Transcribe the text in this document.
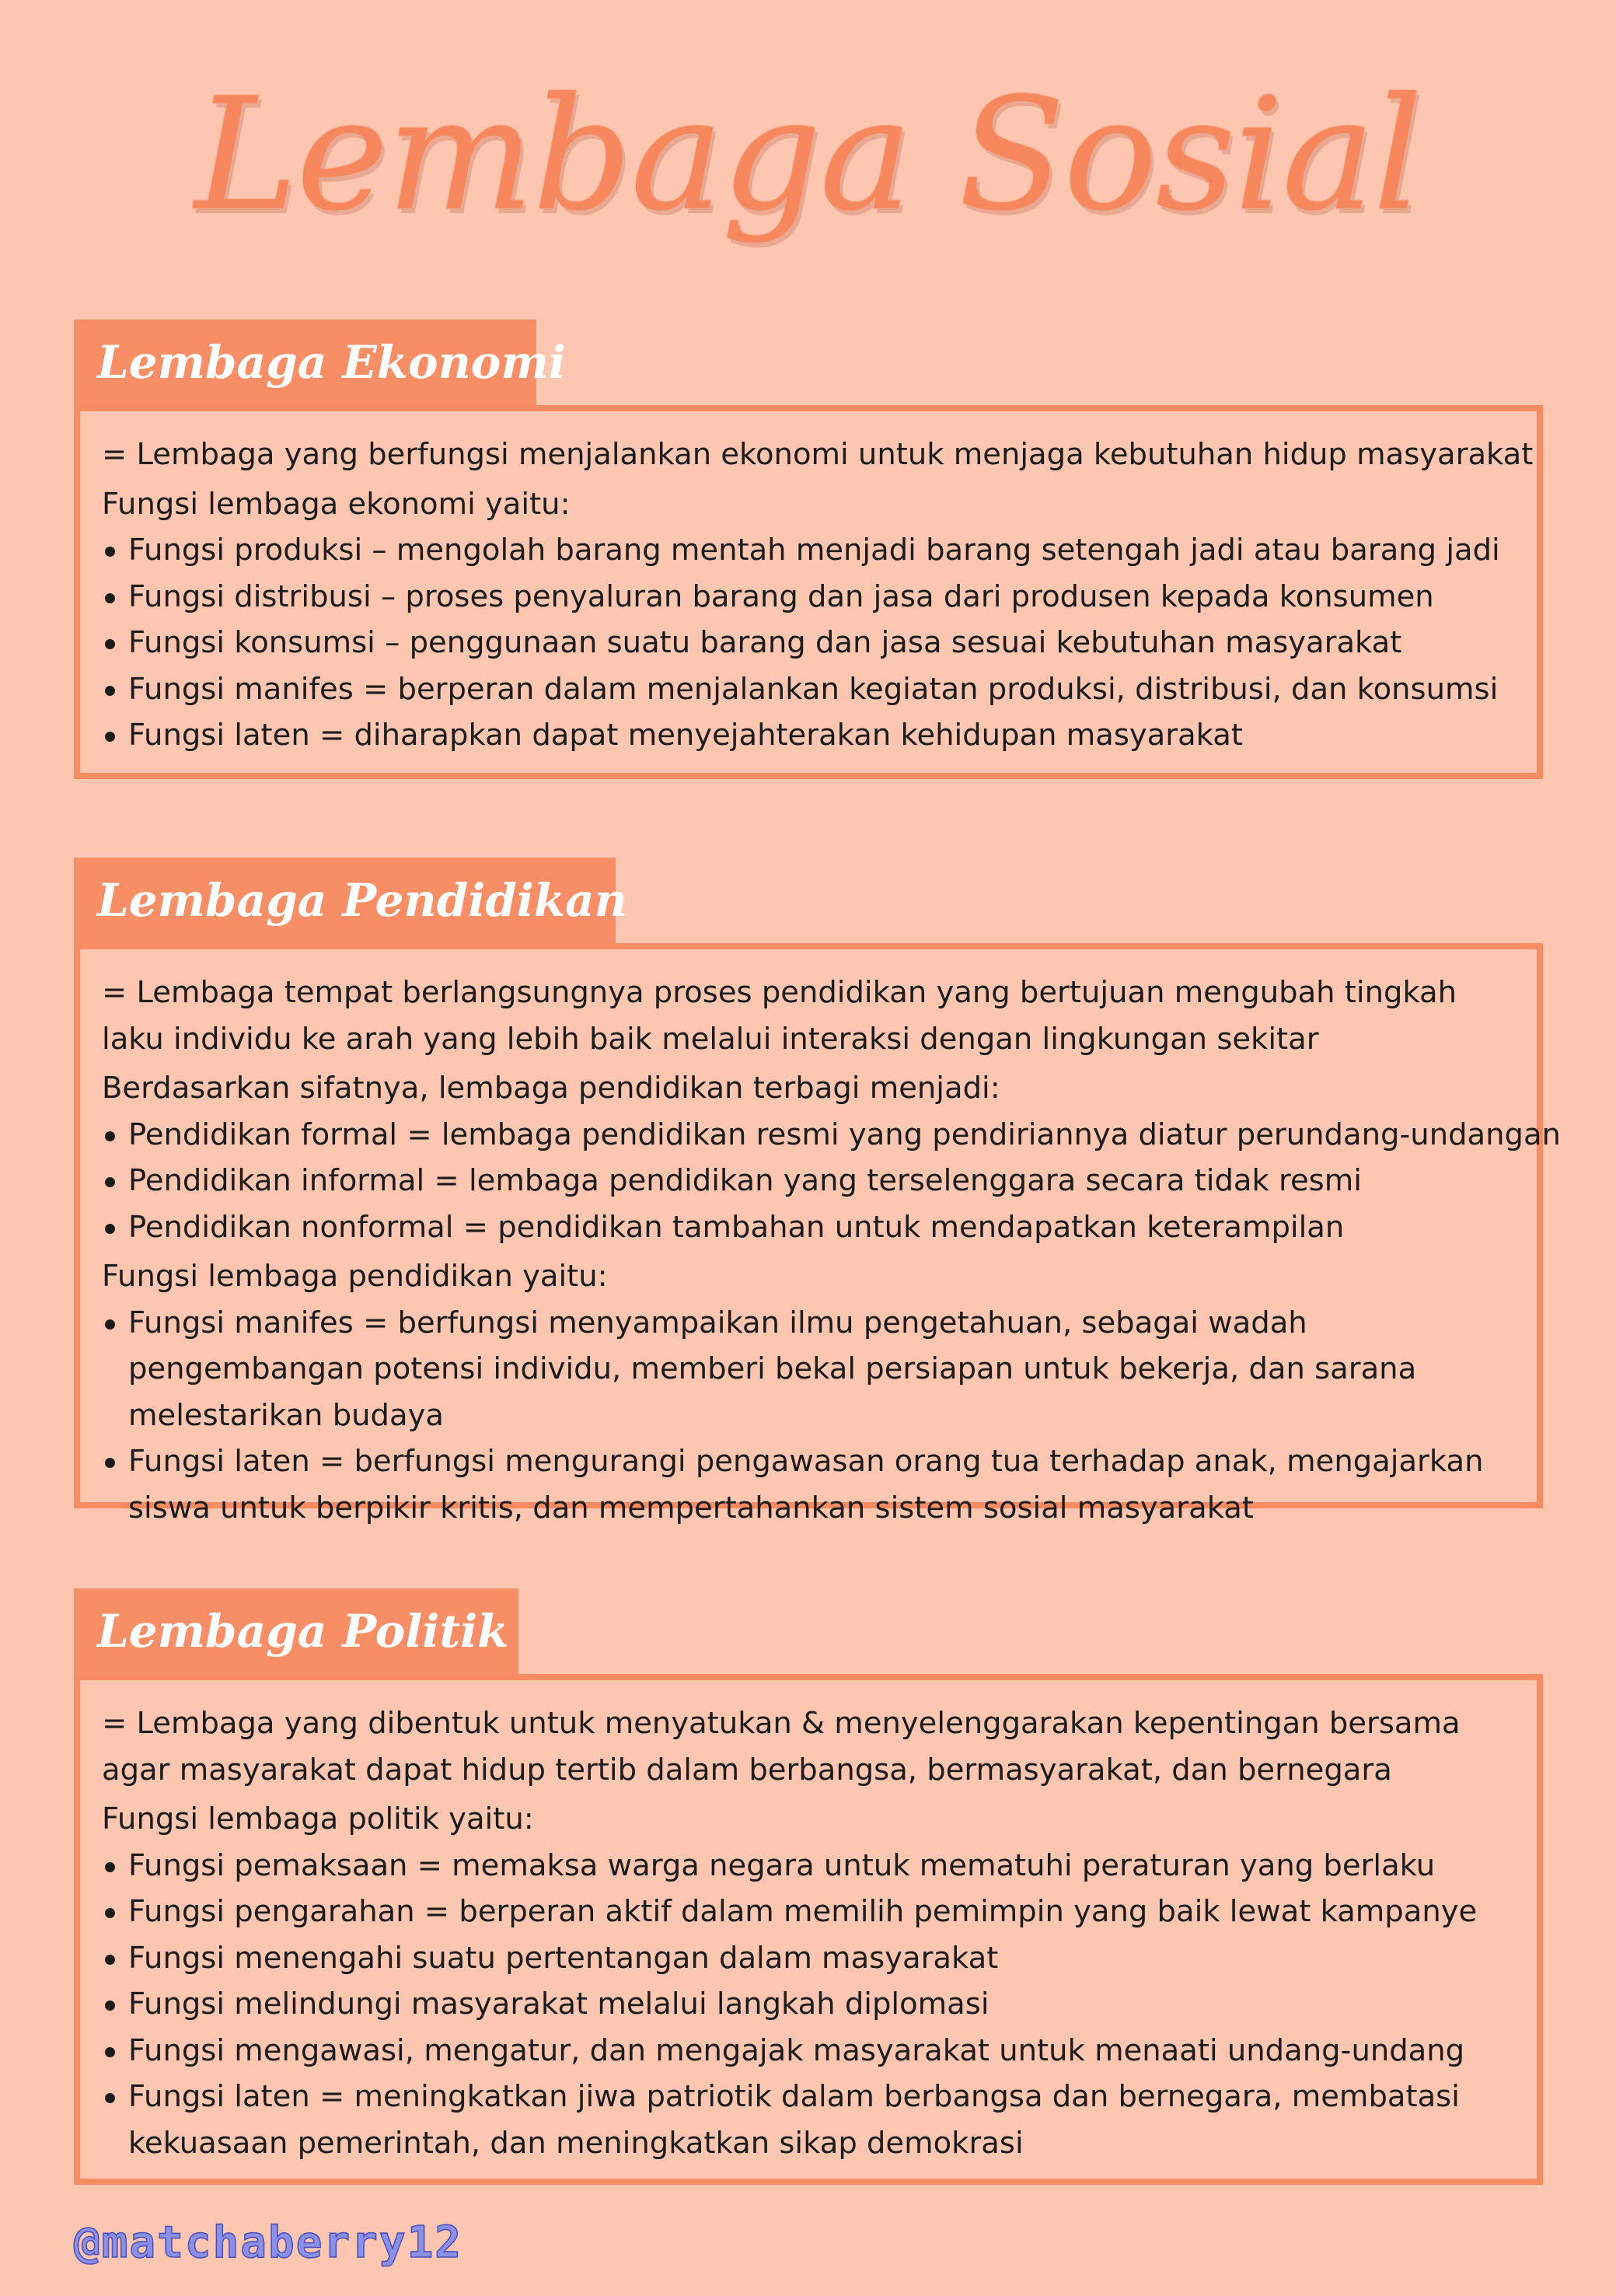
Lembaga Sosial
Lembaga Ekonomi

= Lembaga yang berfungsi menjalankan ekonomi untuk menjaga kebutuhan hidup masyarakat

Fungsi lembaga ekonomi yaitu:

Fungsi produksi – mengolah barang mentah menjadi barang setengah jadi atau barang jadi
Fungsi distribusi – proses penyaluran barang dan jasa dari produsen kepada konsumen
Fungsi konsumsi – penggunaan suatu barang dan jasa sesuai kebutuhan masyarakat
Fungsi manifes = berperan dalam menjalankan kegiatan produksi, distribusi, dan konsumsi
Fungsi laten = diharapkan dapat menyejahterakan kehidupan masyarakat
Lembaga Pendidikan

= Lembaga tempat berlangsungnya proses pendidikan yang bertujuan mengubah tingkah laku individu ke arah yang lebih baik melalui interaksi dengan lingkungan sekitar

Berdasarkan sifatnya, lembaga pendidikan terbagi menjadi:

Pendidikan formal = lembaga pendidikan resmi yang pendiriannya diatur perundang-undangan
Pendidikan informal = lembaga pendidikan yang terselenggara secara tidak resmi
Pendidikan nonformal = pendidikan tambahan untuk mendapatkan keterampilan

Fungsi lembaga pendidikan yaitu:

Fungsi manifes = berfungsi menyampaikan ilmu pengetahuan, sebagai wadah pengembangan potensi individu, memberi bekal persiapan untuk bekerja, dan sarana melestarikan budaya
Fungsi laten = berfungsi mengurangi pengawasan orang tua terhadap anak, mengajarkan siswa untuk berpikir kritis, dan mempertahankan sistem sosial masyarakat
Lembaga Politik

= Lembaga yang dibentuk untuk menyatukan & menyelenggarakan kepentingan bersama agar masyarakat dapat hidup tertib dalam berbangsa, bermasyarakat, dan bernegara

Fungsi lembaga politik yaitu:

Fungsi pemaksaan = memaksa warga negara untuk mematuhi peraturan yang berlaku
Fungsi pengarahan = berperan aktif dalam memilih pemimpin yang baik lewat kampanye
Fungsi menengahi suatu pertentangan dalam masyarakat
Fungsi melindungi masyarakat melalui langkah diplomasi
Fungsi mengawasi, mengatur, dan mengajak masyarakat untuk menaati undang-undang
Fungsi laten = meningkatkan jiwa patriotik dalam berbangsa dan bernegara, membatasi kekuasaan pemerintah, dan meningkatkan sikap demokrasi
@matchaberry12
